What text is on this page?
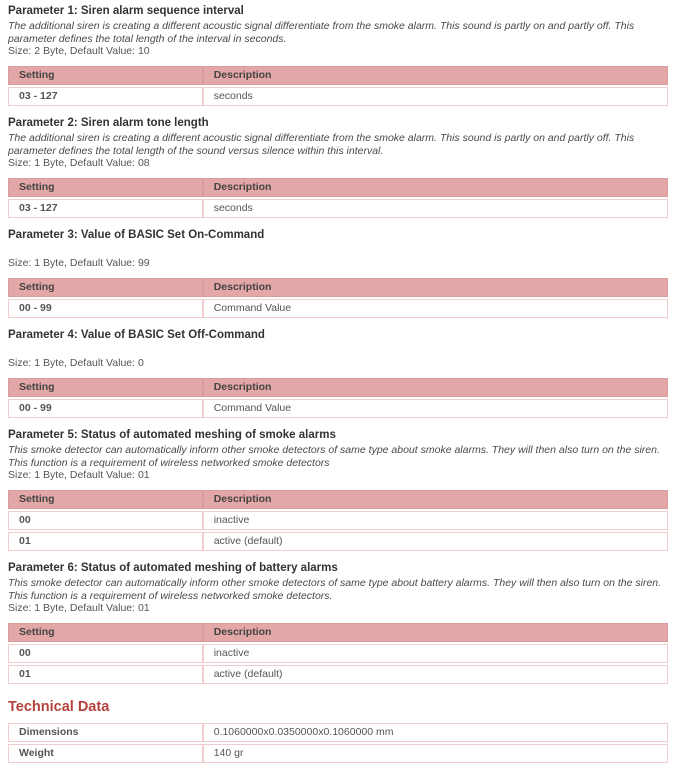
Parameter 1: Siren alarm sequence interval

The additional siren is creating a different acoustic signal differentiate from the smoke alarm. This sound is partly on and partly off. This parameter defines the total length of the interval in seconds.

Size: 2 Byte, Default Value: 10

Setting	Description
03 - 127	seconds
Parameter 2: Siren alarm tone length

The additional siren is creating a different acoustic signal differentiate from the smoke alarm. This sound is partly on and partly off. This parameter defines the total length of the sound versus silence within this interval.

Size: 1 Byte, Default Value: 08

Setting	Description
03 - 127	seconds
Parameter 3: Value of BASIC Set On-Command

Size: 1 Byte, Default Value: 99

Setting	Description
00 - 99	Command Value
Parameter 4: Value of BASIC Set Off-Command

Size: 1 Byte, Default Value: 0

Setting	Description
00 - 99	Command Value
Parameter 5: Status of automated meshing of smoke alarms

This smoke detector can automatically inform other smoke detectors of same type about smoke alarms. They will then also turn on the siren. This function is a requirement of wireless networked smoke detectors

Size: 1 Byte, Default Value: 01

Setting	Description
00	inactive
01	active (default)
Parameter 6: Status of automated meshing of battery alarms

This smoke detector can automatically inform other smoke detectors of same type about battery alarms. They will then also turn on the siren. This function is a requirement of wireless networked smoke detectors.

Size: 1 Byte, Default Value: 01

Setting	Description
00	inactive
01	active (default)
Technical Data
Dimensions	0.1060000x0.0350000x0.1060000 mm
Weight	140 gr
